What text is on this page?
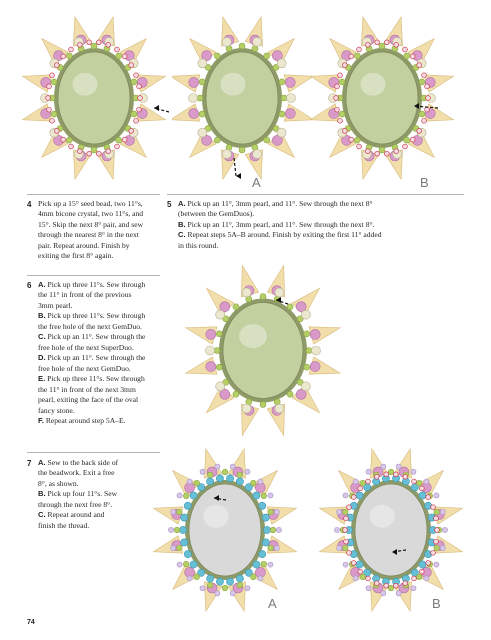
A	B
A	B
4 Pick up a 15° seed bead, two 11°s,
4mm bicone crystal, two 11°s, and
15°. Skip the next 8° pair, and sew
through the nearest 8° in the next
pair. Repeat around. Finish by
exiting the first 8° again.
5 A. Pick up an 11°, 3mm pearl, and 11°. Sew through the next 8°
(between the GemDuos).
B. Pick up an 11°, 3mm pearl, and 11°. Sew through the next 8°.
C. Repeat steps 5A–B around. Finish by exiting the first 11° added
in this round.
6 A. Pick up three 11°s. Sew through
the 11° in front of the previous
3mm pearl.
B. Pick up three 11°s. Sew through
the free hole of the next GemDuo.
C. Pick up an 11°. Sew through the
free hole of the next SuperDuo.
D. Pick up an 11°. Sew through the
free hole of the next GemDuo.
E. Pick up three 11°s. Sew through
the 11° in front of the next 3mm
pearl, exiting the face of the oval
fancy stone.
F. Repeat around step 5A–E.
7 A. Sew to the back side of
the beadwork. Exit a free
8°, as shown.
B. Pick up four 11°s. Sew
through the next free 8°.
C. Repeat around and
finish the thread.
74
